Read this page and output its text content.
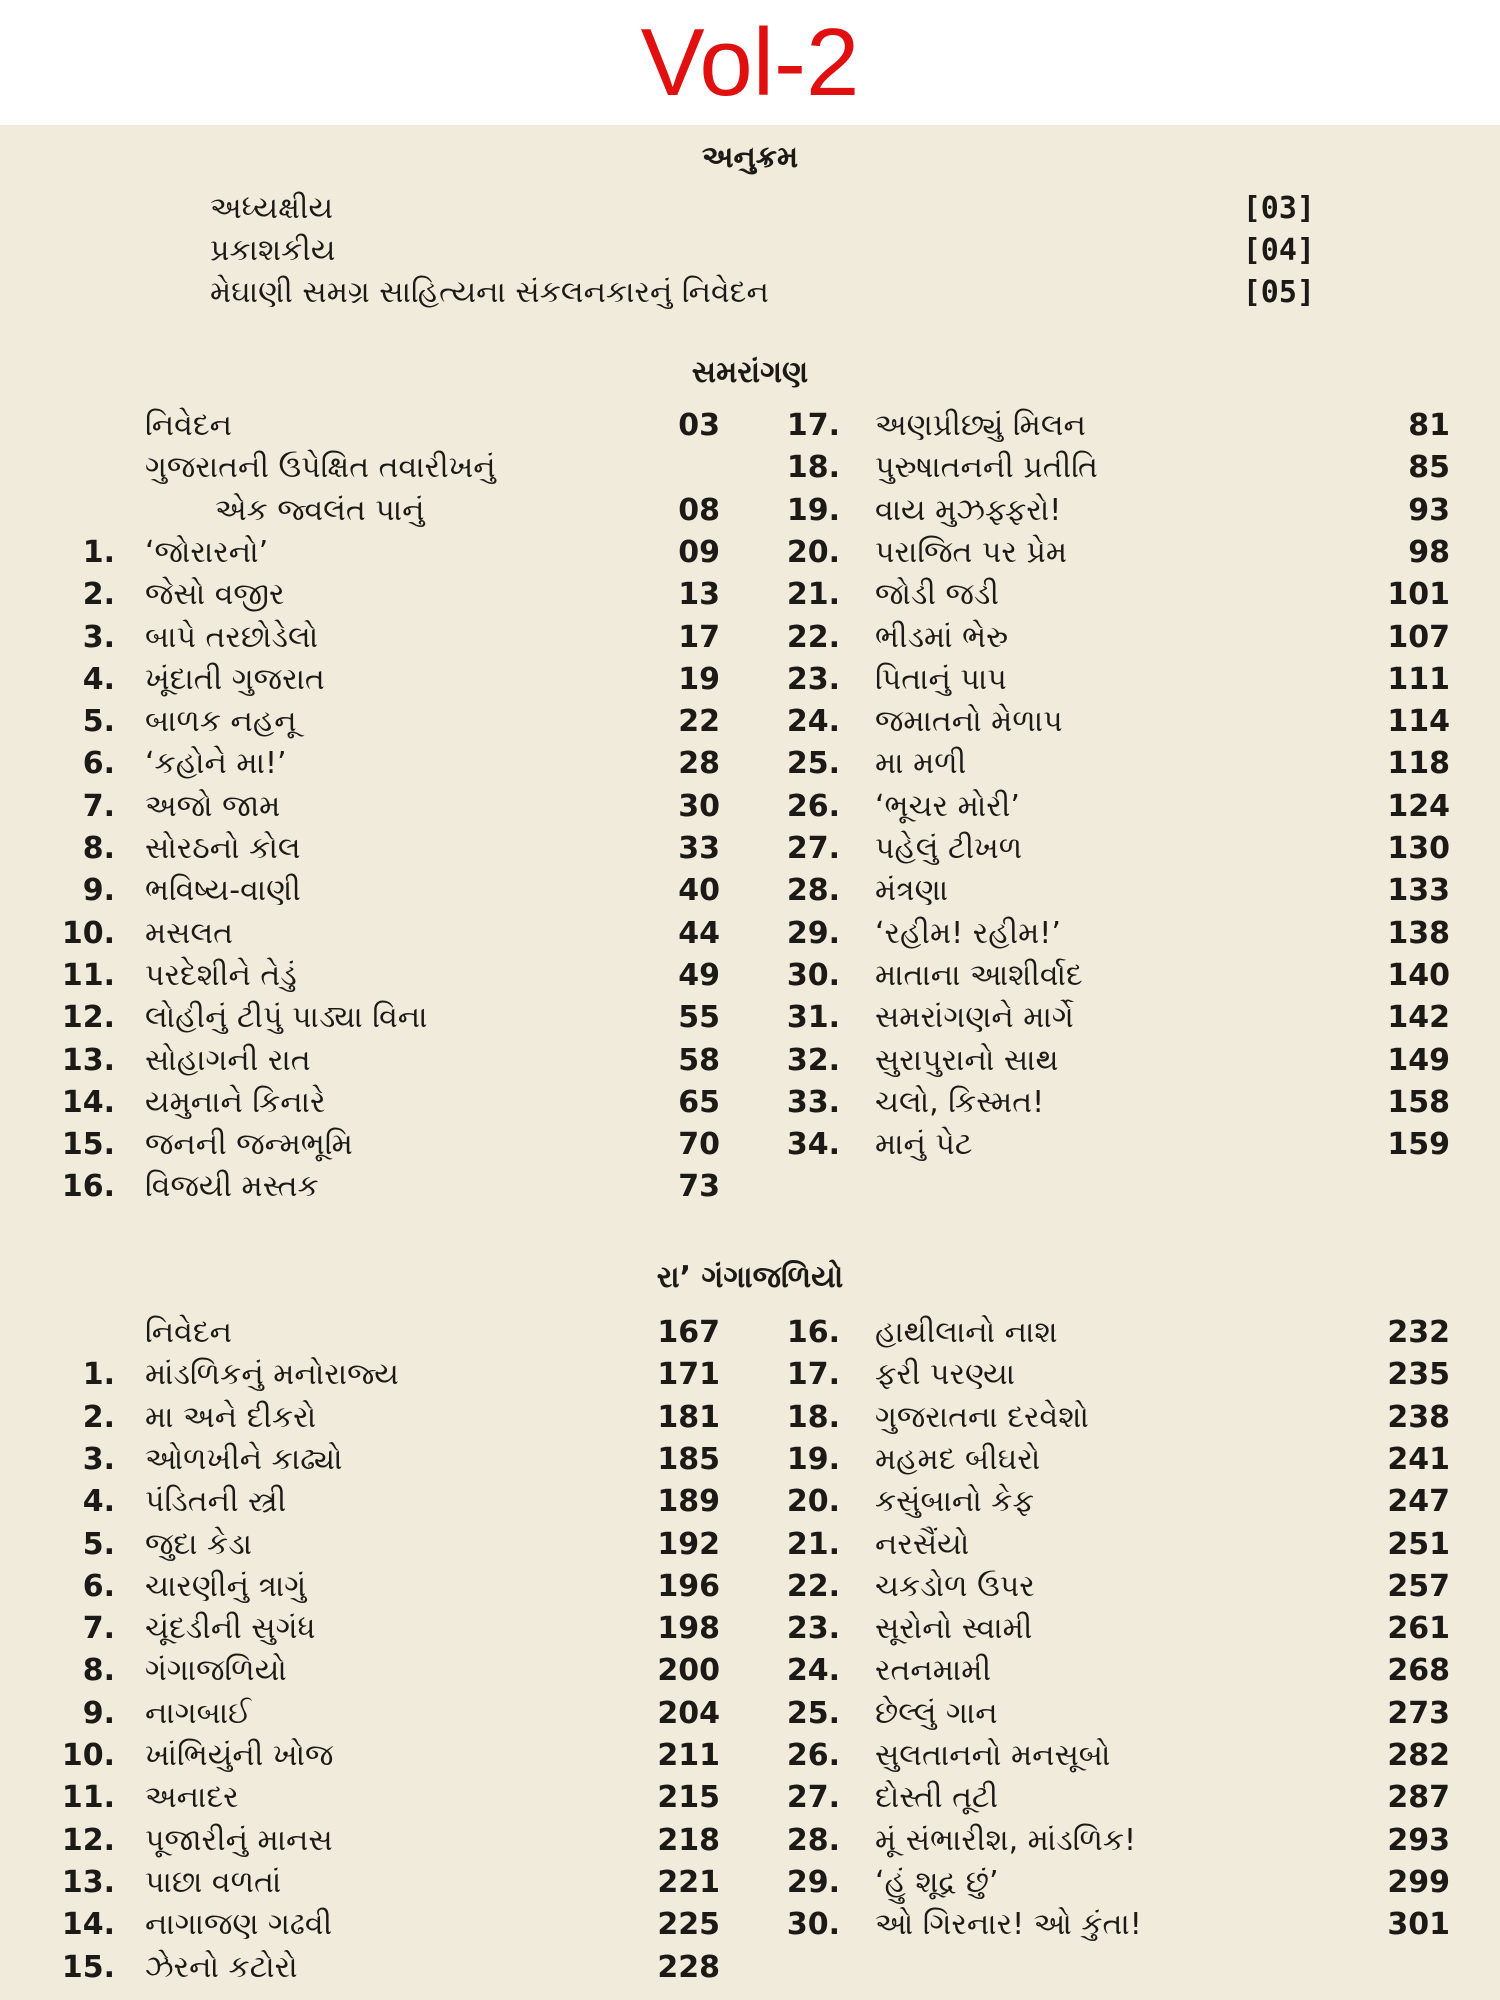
Vol-2
અનુક્રમ
અધ્યક્ષીય	[03]
પ્રકાશકીય	[04]
મેઘાણી સમગ્ર સાહિત્યના સંકલનકારનું નિવેદન	[05]
સમરાંગણ
નિવેદન	03
ગુજરાતની ઉપેક્ષિત તવારીખનું
એક જ્વલંત પાનું	08
1. ‘જોરારનો’	09
2. જેસો વજીર	13
3. બાપે તરછોડેલો	17
4. ખૂંદાતી ગુજરાત	19
5. બાળક નહનૂ	22
6. ‘કહોને મા!’	28
7. અજો જામ	30
8. સોરઠનો કોલ	33
9. ભવિષ્ય-વાણી	40
10. મસલત	44
11. પરદેશીને તેડું	49
12. લોહીનું ટીપું પાડ્યા વિના	55
13. સોહાગની રાત	58
14. યમુનાને કિનારે	65
15. જનની જન્મભૂમિ	70
16. વિજયી મસ્તક	73
17. અણપ્રીછ્યું મિલન	81
18. પુરુષાતનની પ્રતીતિ	85
19. વાય મુઝફ્ફરો!	93
20. પરાજિત પર પ્રેમ	98
21. જોડી જડી	101
22. ભીડમાં ભેરુ	107
23. પિતાનું પાપ	111
24. જમાતનો મેળાપ	114
25. મા મળી	118
26. ‘ભૂચર મોરી’	124
27. પહેલું ટીખળ	130
28. મંત્રણા	133
29. ‘રહીમ! રહીમ!’	138
30. માતાના આશીર્વાદ	140
31. સમરાંગણને માર્ગે	142
32. સુરાપુરાનો સાથ	149
33. ચલો, કિસ્મત!	158
34. માનું પેટ	159
રા’ ગંગાજળિયો
નિવેદન	167
1. માંડળિકનું મનોરાજ્ય	171
2. મા અને દીકરો	181
3. ઓળખીને કાઢ્યો	185
4. પંડિતની સ્ત્રી	189
5. જુદા કેડા	192
6. ચારણીનું ત્રાગું	196
7. ચૂંદડીની સુગંધ	198
8. ગંગાજળિયો	200
9. નાગબાઈ	204
10. ખાંભિયુંની ખોજ	211
11. અનાદર	215
12. પૂજારીનું માનસ	218
13. પાછા વળતાં	221
14. નાગાજણ ગઢવી	225
15. ઝેરનો કટોરો	228
16. હાથીલાનો નાશ	232
17. ફરી પરણ્યા	235
18. ગુજરાતના દરવેશો	238
19. મહમદ બીઘરો	241
20. કસુંબાનો કેફ	247
21. નરસૈંયો	251
22. ચકડોળ ઉપર	257
23. સૂરોનો સ્વામી	261
24. રતનમામી	268
25. છેલ્લું ગાન	273
26. સુલતાનનો મનસૂબો	282
27. દોસ્તી તૂટી	287
28. મૂં સંભારીશ, માંડળિક!	293
29. ‘હું શૂદ્ર છું’	299
30. ઓ ગિરનાર! ઓ કુંતા!	301
